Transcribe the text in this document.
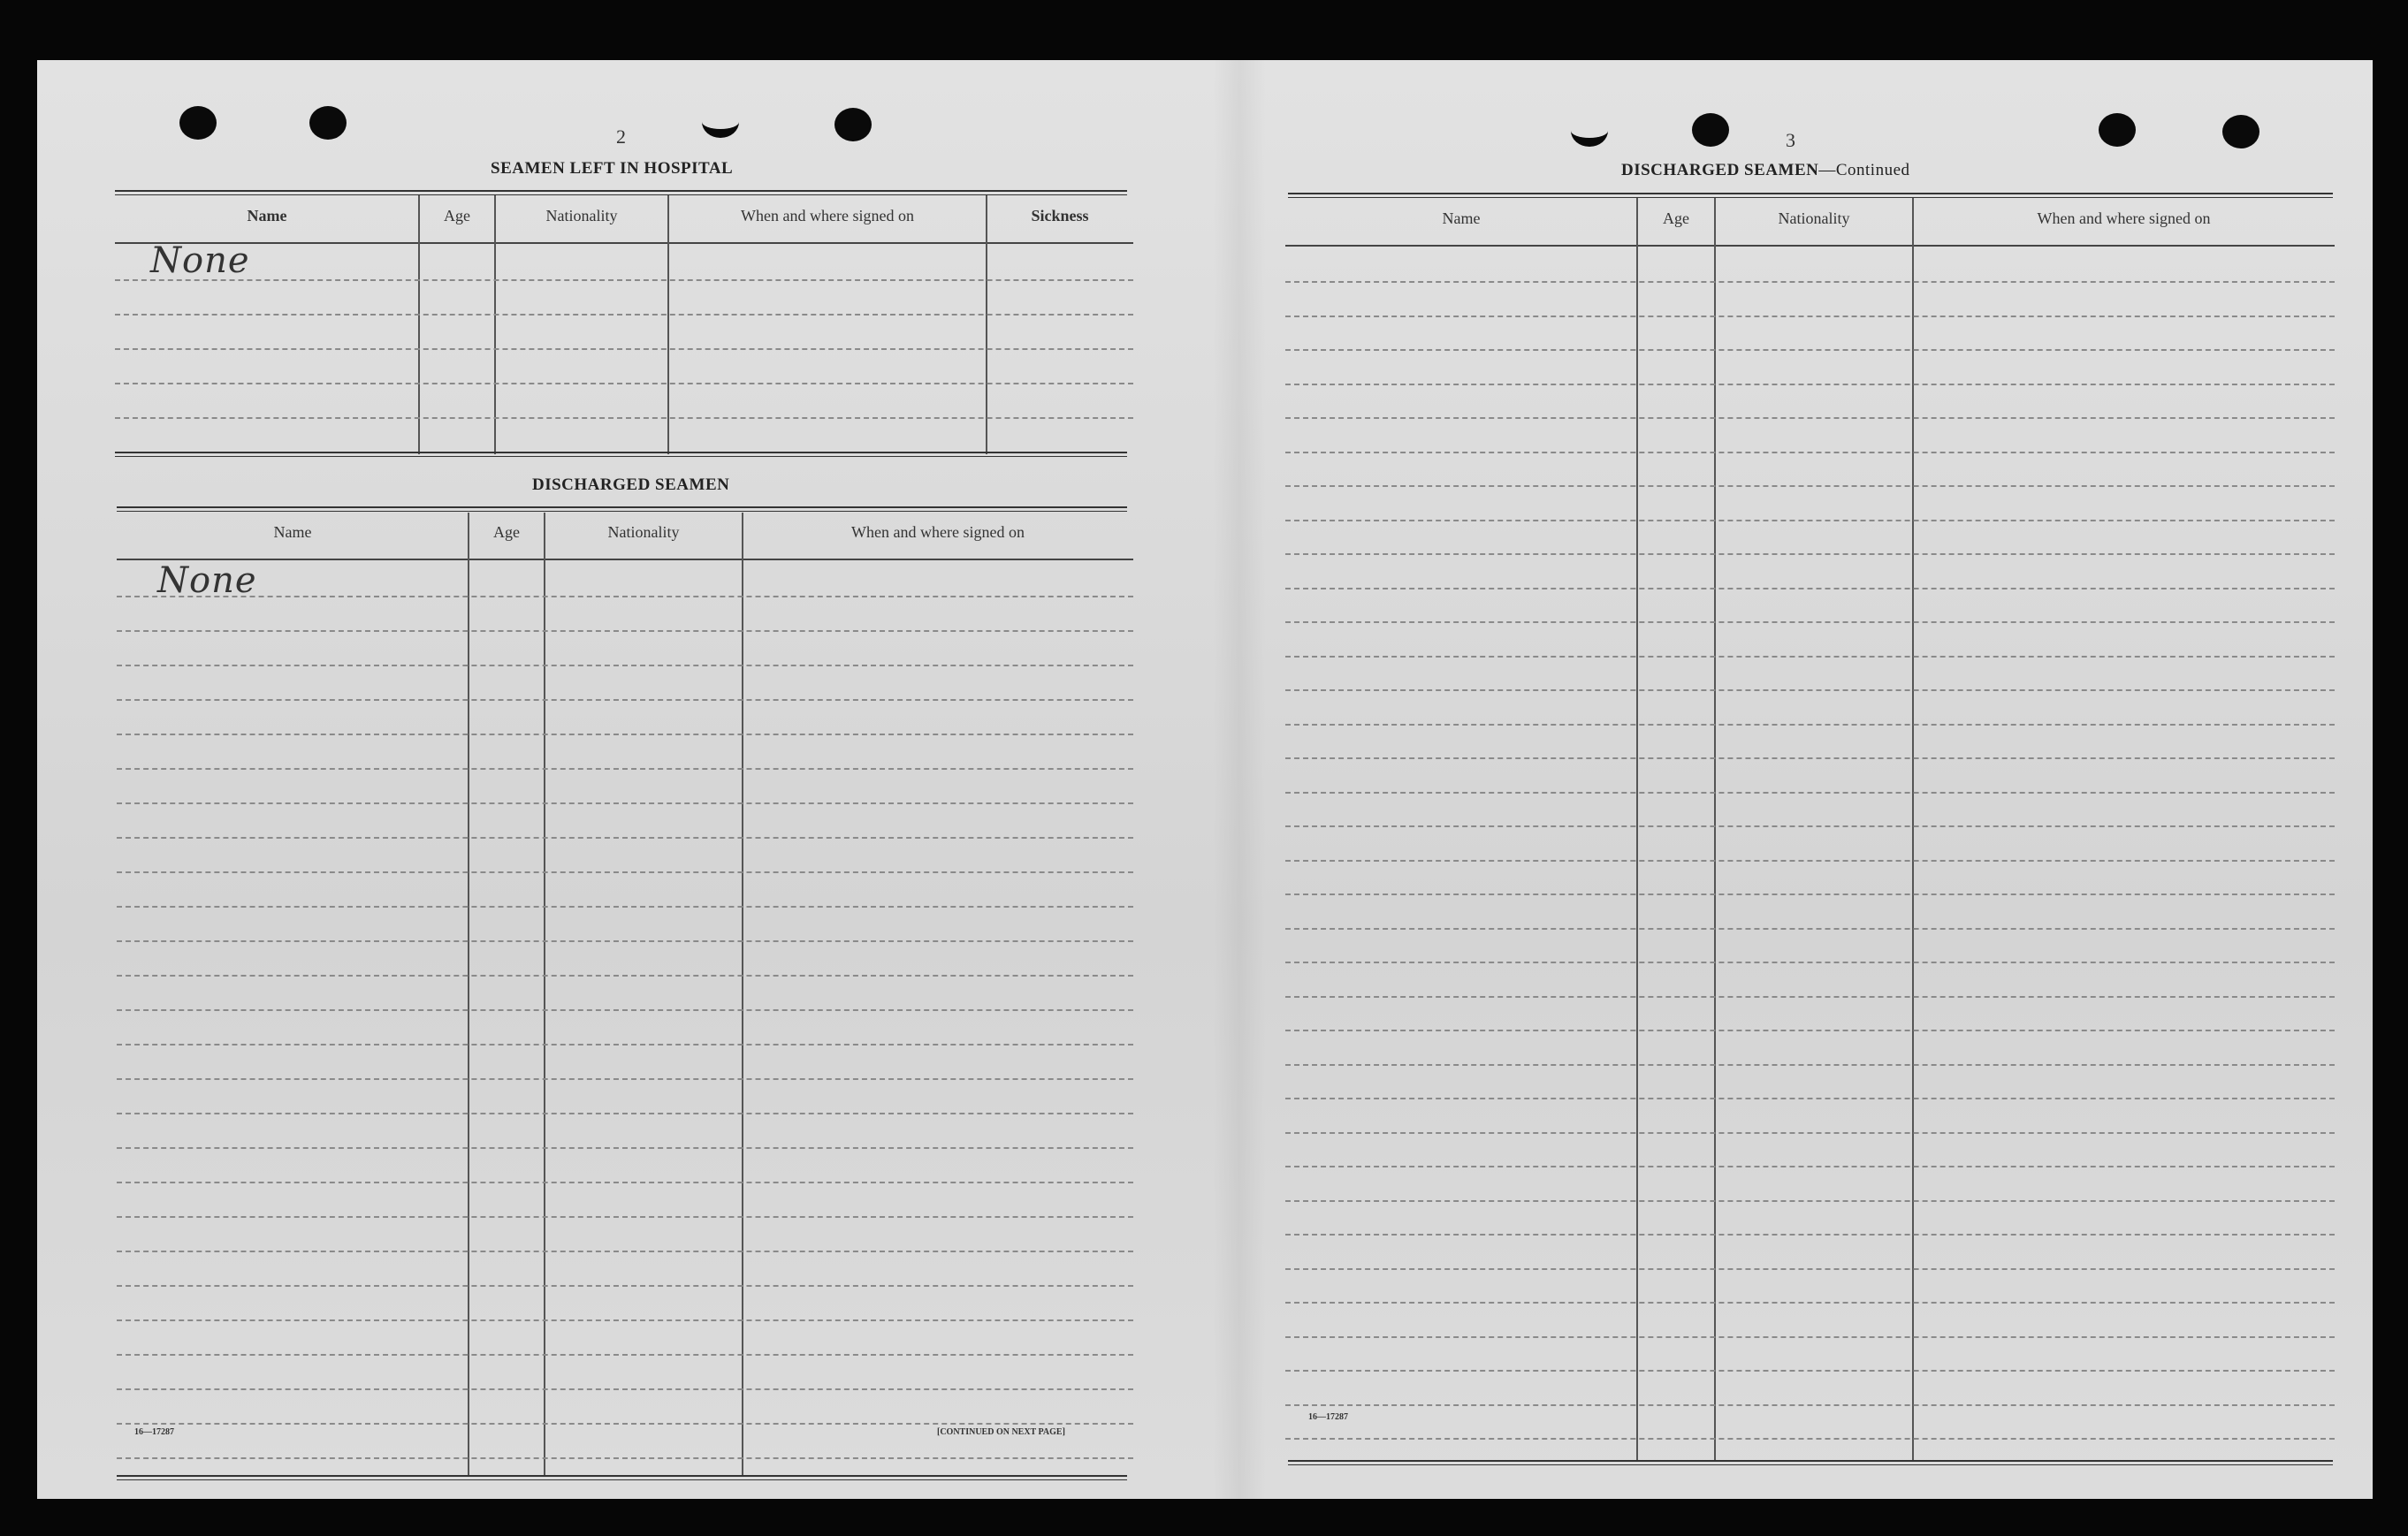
2
SEAMEN LEFT IN HOSPITAL
Name	Age	Nationality	When and where signed on	Sickness
None
DISCHARGED SEAMEN
Name	Age	Nationality	When and where signed on
None
16—17287	[CONTINUED ON NEXT PAGE]
3
DISCHARGED SEAMEN—Continued
Name	Age	Nationality	When and where signed on
16—17287
